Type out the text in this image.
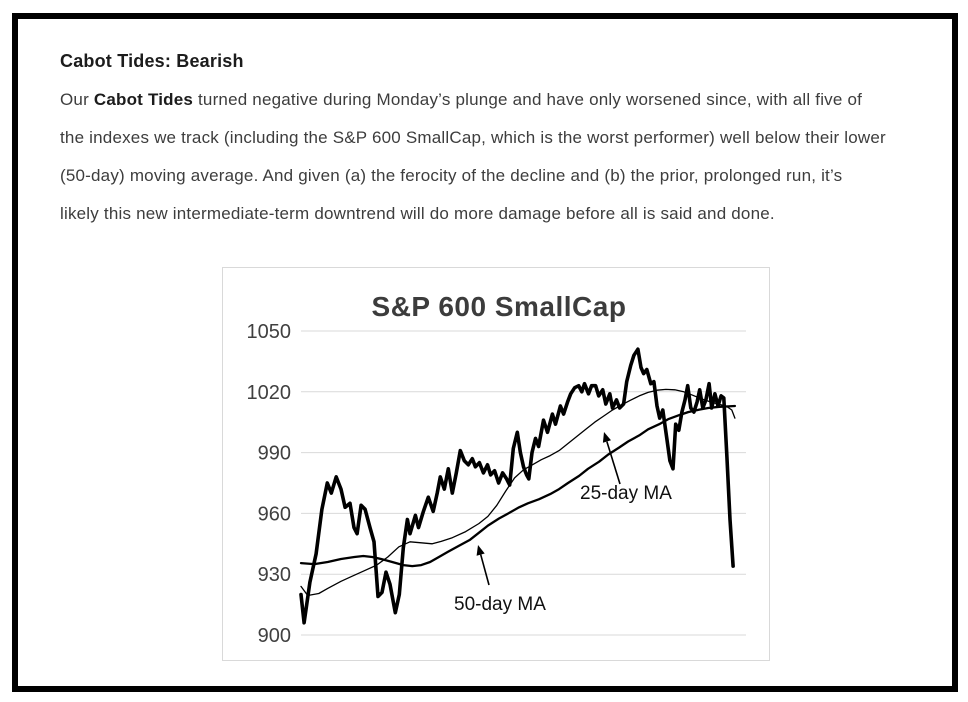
Cabot Tides: Bearish
Our Cabot Tides turned negative during Monday’s plunge and have only worsened since, with all five of
the indexes we track (including the S&P 600 SmallCap, which is the worst performer) well below their lower
(50-day) moving average. And given (a) the ferocity of the decline and (b) the prior, prolonged run, it’s
likely this new intermediate-term downtrend will do more damage before all is said and done.
1050
1020
990
960
930
900
S&P 600 SmallCap
25-day MA
50-day MA
